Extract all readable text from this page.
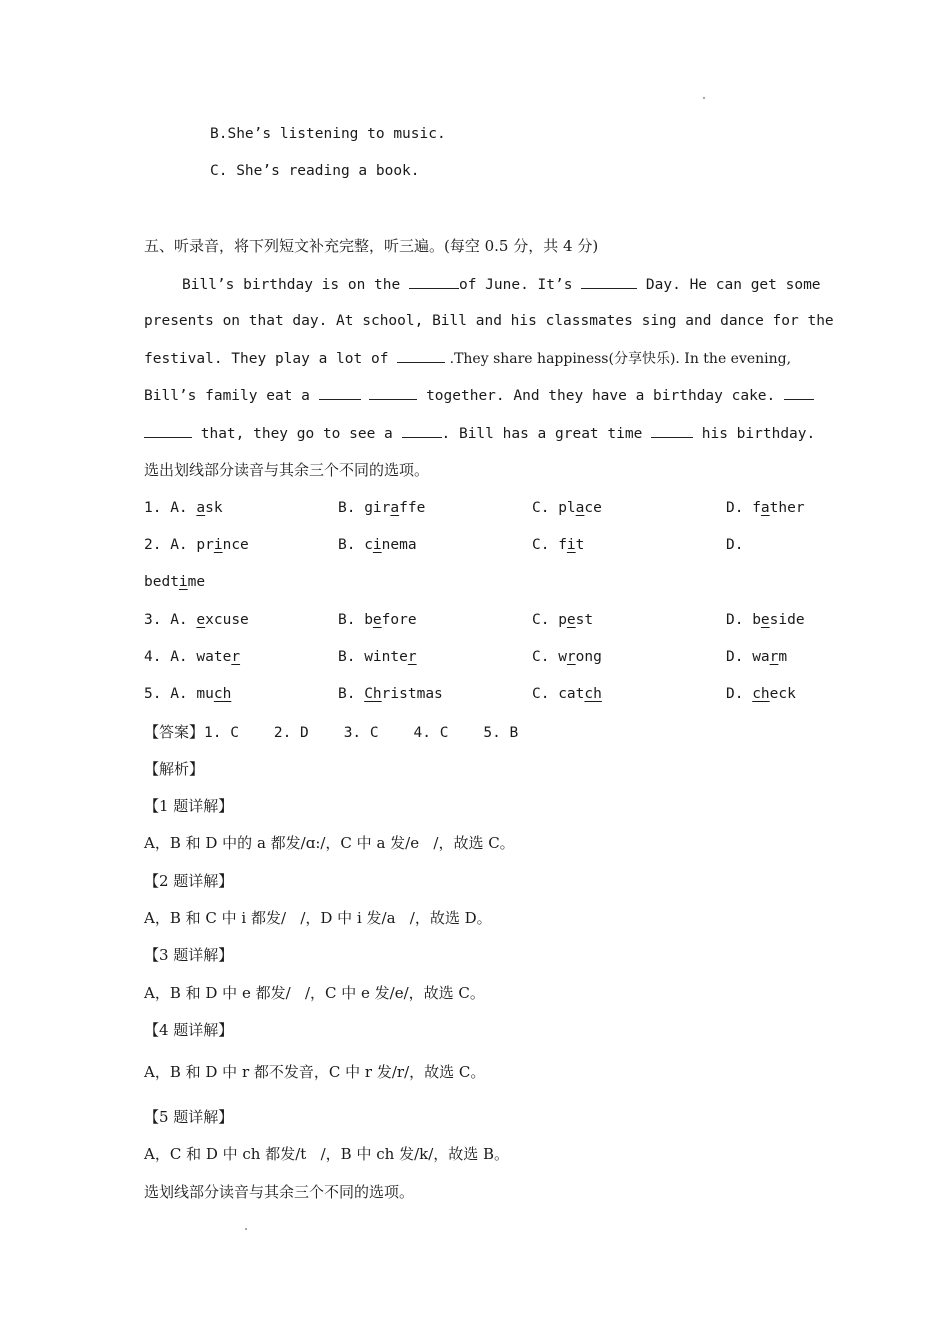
B.She’s listening to music.
C. She’s reading a book.
五、听录音，将下列短文补充完整，听三遍。(每空 0.5 分，共 4 分)
Bill’s birthday is on the	of June. It’s	Day. He can get some
presents on that day. At school, Bill and his classmates sing and dance for the
festival. They play a lot of	.They share happiness(分享快乐). In the evening,
Bill’s family eat a	together. And they have a birthday cake.
that, they go to see a	. Bill has a great time	his birthday.
选出划线部分读音与其余三个不同的选项。
1. A. ask	B. giraffe	C. place	D. father
2. A. prince	B. cinema	C. fit	D.
bedtime
3. A. excuse	B. before	C. pest	D. beside
4. A. water	B. winter	C. wrong	D. warm
5. A. much	B. Christmas	C. catch	D. check
【答案】1. C    2. D    3. C    4. C    5. B
【解析】
【1 题详解】
A，B 和 D 中的 a 都发/ɑ:/，C 中 a 发/e   /，故选 C。
【2 题详解】
A，B 和 C 中 i 都发/   /，D 中 i 发/a   /，故选 D。
【3 题详解】
A，B 和 D 中 e 都发/   /，C 中 e 发/e/，故选 C。
【4 题详解】
A，B 和 D 中 r 都不发音，C 中 r 发/r/，故选 C。
【5 题详解】
A，C 和 D 中 ch 都发/t   /，B 中 ch 发/k/，故选 B。
选划线部分读音与其余三个不同的选项。
